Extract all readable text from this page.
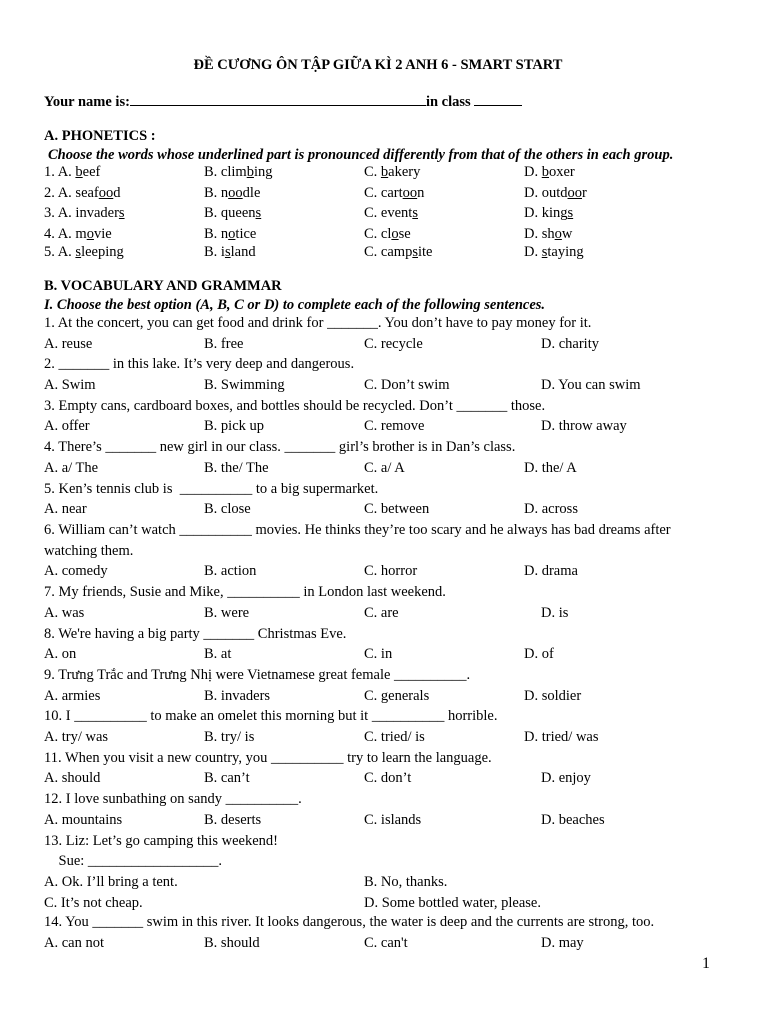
ĐỀ CƯƠNG ÔN TẬP GIỮA KÌ 2 ANH 6 - SMART START
Your name is:	in class
A. PHONETICS :
Choose the words whose underlined part is pronounced differently from that of the others in each group.
1. A. beef	B. climbing	C. bakery	D. boxer
2. A. seafood	B. noodle	C. cartoon	D. outdoor
3. A. invaders	B. queens	C. events	D. kings
4. A. movie	B. notice	C. close	D. show
5. A. sleeping	B. island	C. campsite	D. staying
B. VOCABULARY AND GRAMMAR
I. Choose the best option (A, B, C or D) to complete each of the following sentences.
1. At the concert, you can get food and drink for _______. You don’t have to pay money for it.
A. reuse	B. free	C. recycle	D. charity
2. _______ in this lake. It’s very deep and dangerous.
A. Swim	B. Swimming	C. Don’t swim	D. You can swim
3. Empty cans, cardboard boxes, and bottles should be recycled. Don’t _______ those.
A. offer	B. pick up	C. remove	D. throw away
4. There’s _______ new girl in our class. _______ girl’s brother is in Dan’s class.
A. a/ The	B. the/ The	C. a/ A	D. the/ A
5. Ken’s tennis club is  __________ to a big supermarket.
A. near	B. close	C. between	D. across
6. William can’t watch __________ movies. He thinks they’re too scary and he always has bad dreams after
watching them.
A. comedy	B. action	C. horror	D. drama
7. My friends, Susie and Mike, __________ in London last weekend.
A. was	B. were	C. are	D. is
8. We're having a big party _______ Christmas Eve.
A. on	B. at	C. in	D. of
9. Trưng Trắc and Trưng Nhị were Vietnamese great female __________.
A. armies	B. invaders	C. generals	D. soldier
10. I __________ to make an omelet this morning but it __________ horrible.
A. try/ was	B. try/ is	C. tried/ is	D. tried/ was
11. When you visit a new country, you __________ try to learn the language.
A. should	B. can’t	C. don’t	D. enjoy
12. I love sunbathing on sandy __________.
A. mountains	B. deserts	C. islands	D. beaches
13. Liz: Let’s go camping this weekend!
Sue: __________________.
A. Ok. I’ll bring a tent.	B. No, thanks.
C. It’s not cheap.	D. Some bottled water, please.
14. You _______ swim in this river. It looks dangerous, the water is deep and the currents are strong, too.
A. can not	B. should	C. can't	D. may
1
